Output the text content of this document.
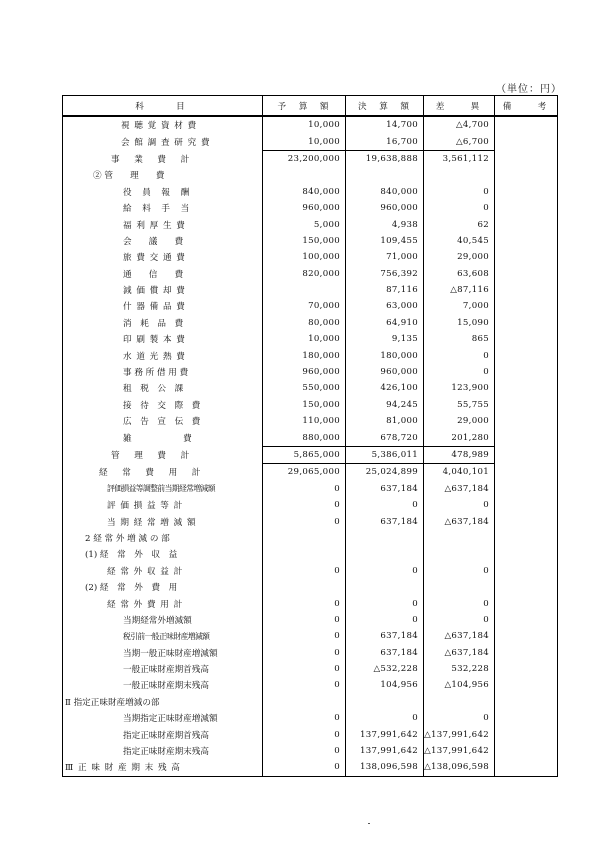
（単位：円）
科　　目	予　算　額	決　算　額	差　　異	備　　考
視 聴 覚 資 材 費	10,000	14,700	△4,700	
会 館 調 査 研 究 費	10,000	16,700	△6,700	
事　業　費　計	23,200,000	19,638,888	3,561,112	
② 管　　理　　費				
役　員　報　酬	840,000	840,000	0	
給　料　手　当	960,000	960,000	0	
福 利 厚 生 費	5,000	4,938	62	
会　　議　　費	150,000	109,455	40,545	
旅 費 交 通 費	100,000	71,000	29,000	
通　　信　　費	820,000	756,392	63,608	
減 価 償 却 費		87,116	△87,116	
什 器 備 品 費	70,000	63,000	7,000	
消　耗　品　費	80,000	64,910	15,090	
印 刷 製 本 費	10,000	9,135	865	
水 道 光 熱 費	180,000	180,000	0	
事 務 所 借 用 費	960,000	960,000	0	
租　税　公　課	550,000	426,100	123,900	
接　待　交　際　費	150,000	94,245	55,755	
広　告　宣　伝　費	110,000	81,000	29,000	
雑　　　　　　費	880,000	678,720	201,280	
管　理　費　計	5,865,000	5,386,011	478,989	
経　常　費　用　計	29,065,000	25,024,899	4,040,101	
評価損益等調整前当期経常増減額	0	637,184	△637,184	
評 価 損 益 等 計	0	0	0	
当 期 経 常 増 減 額	0	637,184	△637,184	
2 経 常 外 増 減 の 部				
(1) 経　常　外　収　益				
経 常 外 収 益 計	0	0	0	
(2) 経　常　外　費　用				
経 常 外 費 用 計	0	0	0	
当期経常外増減額	0	0	0	
税引前一般正味財産増減額	0	637,184	△637,184	
当期一般正味財産増減額	0	637,184	△637,184	
一般正味財産期首残高	0	△532,228	532,228	
一般正味財産期末残高	0	104,956	△104,956	
Ⅱ 指定正味財産増減の部				
当期指定正味財産増減額	0	0	0	
指定正味財産期首残高	0	137,991,642	△137,991,642	
指定正味財産期末残高	0	137,991,642	△137,991,642	
Ⅲ 正 味 財 産 期 末 残 高	0	138,096,598	△138,096,598	
